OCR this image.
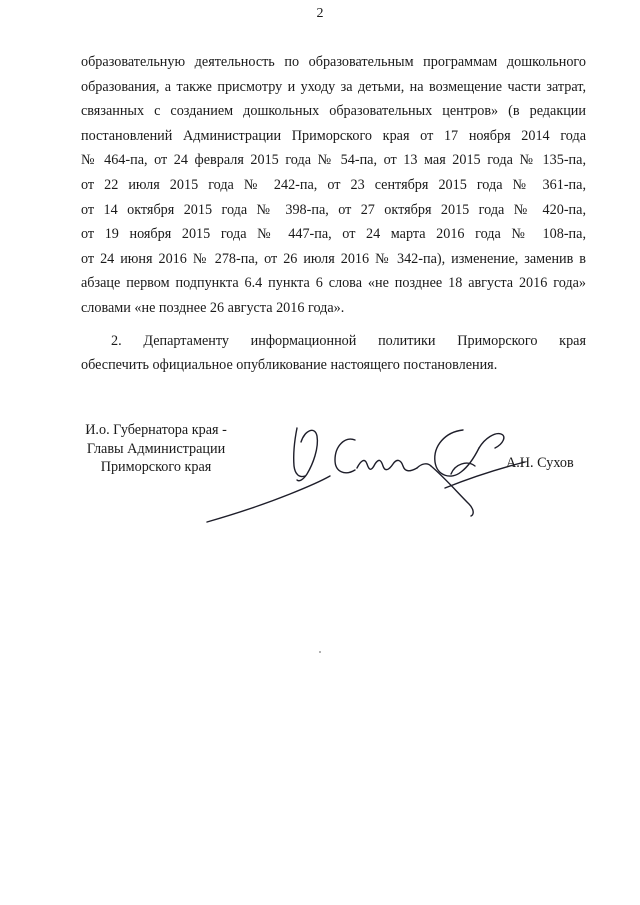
2
образовательную деятельность по образовательным программам дошкольного
образования, а также присмотру и уходу за детьми, на возмещение части затрат,
связанных с созданием дошкольных образовательных центров» (в редакции
постановлений Администрации Приморского края от 17 ноября 2014 года
№ 464-па, от 24 февраля 2015 года № 54-па, от 13 мая 2015 года № 135-па,
от 22 июля 2015 года № 242-па, от 23 сентября 2015 года № 361-па,
от 14 октября 2015 года № 398-па, от 27 октября 2015 года № 420-па,
от 19 ноября 2015 года № 447-па, от 24 марта 2016 года № 108-па,
от 24 июня 2016 № 278-па, от 26 июля 2016 № 342-па), изменение, заменив в
абзаце первом подпункта 6.4 пункта 6 слова «не позднее 18 августа 2016 года»
словами «не позднее 26 августа 2016 года».
2. Департаменту информационной политики Приморского края
обеспечить официальное опубликование настоящего постановления.
И.о. Губернатора края -
Главы Администрации
Приморского края	А.Н. Сухов
